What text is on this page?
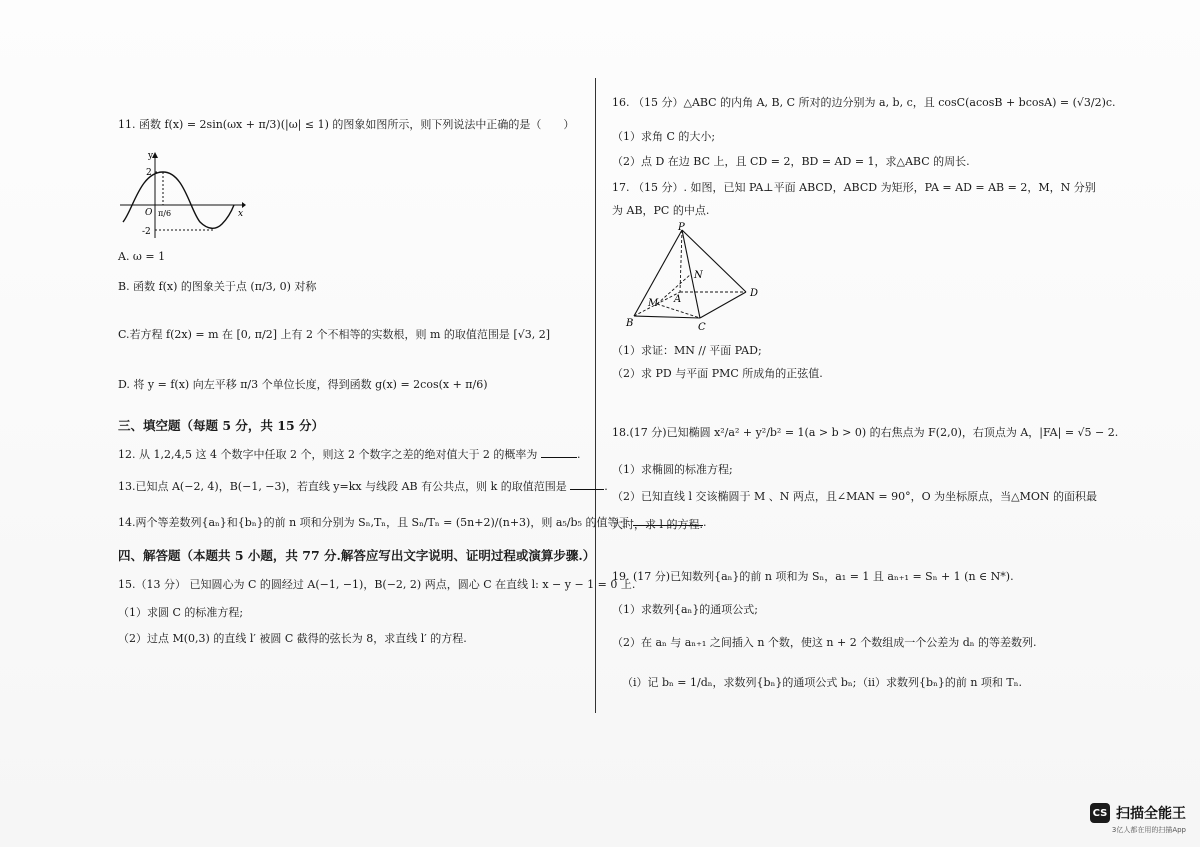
11. 函数 f(x) = 2sin(ωx + π/3)(|ω| ≤ 1) 的图象如图所示，则下列说法中正确的是（　　）
y
x
O
2
-2
π/6
A. ω = 1
B. 函数 f(x) 的图象关于点 (π/3, 0) 对称
C.若方程 f(2x) = m 在 [0, π/2] 上有 2 个不相等的实数根，则 m 的取值范围是 [√3, 2]
D. 将 y = f(x) 向左平移 π/3 个单位长度，得到函数 g(x) = 2cos(x + π/6)
三、填空题（每题 5 分，共 15 分）
12. 从 1,2,4,5 这 4 个数字中任取 2 个，则这 2 个数字之差的绝对值大于 2 的概率为	.
13.已知点 A(−2, 4)，B(−1, −3)，若直线 y=kx 与线段 AB 有公共点，则 k 的取值范围是	.
14.两个等差数列{aₙ}和{bₙ}的前 n 项和分别为 Sₙ,Tₙ，且 Sₙ/Tₙ = (5n+2)/(n+3)，则 a₅/b₅ 的值等于	.
四、解答题（本题共 5 小题，共 77 分.解答应写出文字说明、证明过程或演算步骤.）
15.（13 分） 已知圆心为 C 的圆经过 A(−1, −1)，B(−2, 2) 两点，圆心 C 在直线 l: x − y − 1 = 0 上.
（1）求圆 C 的标准方程;
（2）过点 M(0,3) 的直线 l′ 被圆 C 截得的弦长为 8，求直线 l′ 的方程.
16. （15 分）△ABC 的内角 A, B, C 所对的边分别为 a, b, c，且 cosC(acosB + bcosA) = (√3/2)c.
（1）求角 C 的大小;
（2）点 D 在边 BC 上，且 CD = 2，BD = AD = 1，求△ABC 的周长.
17. （15 分）. 如图，已知 PA⊥平面 ABCD，ABCD 为矩形，PA = AD = AB = 2，M，N 分别
为 AB，PC 的中点.
P
N
M A
B	C
D
（1）求证：MN // 平面 PAD;
（2）求 PD 与平面 PMC 所成角的正弦值.
18.(17 分)已知椭圆 x²/a² + y²/b² = 1(a > b > 0) 的右焦点为 F(2,0)，右顶点为 A，|FA| = √5 − 2.
（1）求椭圆的标准方程;
（2）已知直线 l 交该椭圆于 M 、N 两点，且∠MAN = 90°，O 为坐标原点，当△MON 的面积最
大时，求 l 的方程.
19. (17 分)已知数列{aₙ}的前 n 项和为 Sₙ，a₁ = 1 且 aₙ₊₁ = Sₙ + 1 (n ∈ N*).
（1）求数列{aₙ}的通项公式;
（2）在 aₙ 与 aₙ₊₁ 之间插入 n 个数，使这 n + 2 个数组成一个公差为 dₙ 的等差数列.
（i）记 bₙ = 1/dₙ，求数列{bₙ}的通项公式 bₙ; （ii）求数列{bₙ}的前 n 项和 Tₙ.
CS 扫描全能王
3亿人都在用的扫描App
